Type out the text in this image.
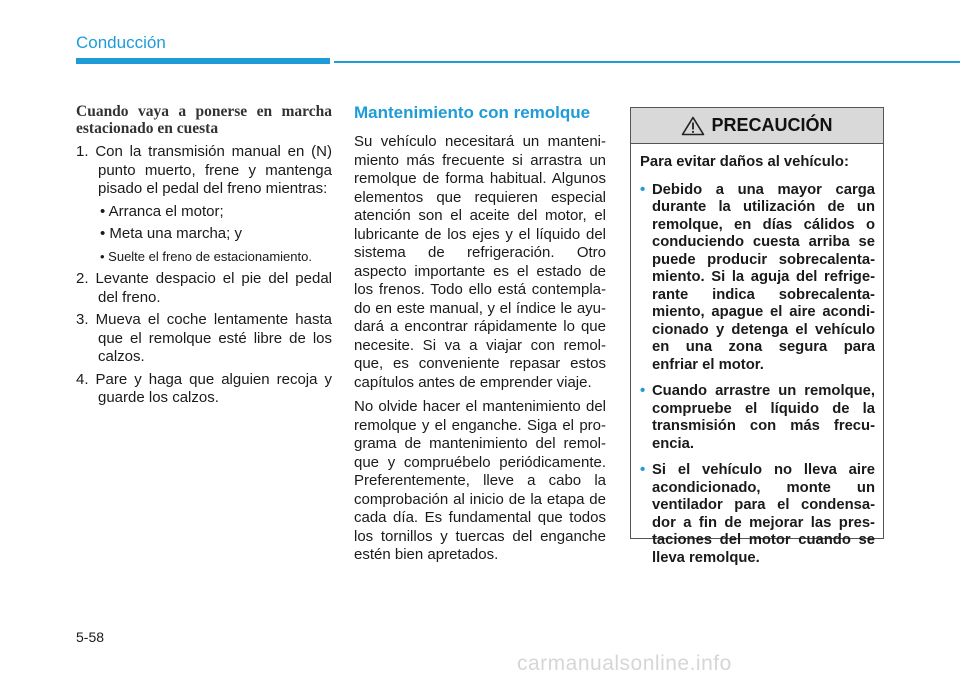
Conducción
Cuando vaya a ponerse en marcha estacionado en cuesta
1. Con la transmisión manual en (N) punto muerto, frene y mantenga pisado el pedal del freno mientras:
• Arranca el motor;
• Meta una marcha; y
• Suelte el freno de estacionamiento.
2. Levante despacio el pie del pedal del freno.
3. Mueva el coche lentamente hasta que el remolque esté libre de los calzos.
4. Pare y haga que alguien recoja y guarde los calzos.
Mantenimiento con remolque

Su vehículo necesitará un manteni-miento más frecuente si arrastra un remolque de forma habitual. Algunos elementos que requieren especial atención son el aceite del motor, el lubricante de los ejes y el líquido del sistema de refrigeración. Otro aspecto importante es el estado de los frenos. Todo ello está contempla-do en este manual, y el índice le ayu-dará a encontrar rápidamente lo que necesite. Si va a viajar con remol-que, es conveniente repasar estos capítulos antes de emprender viaje.

No olvide hacer el mantenimiento del remolque y el enganche. Siga el pro-grama de mantenimiento del remol-que y compruébelo periódicamente. Preferentemente, lleve a cabo la comprobación al inicio de la etapa de cada día. Es fundamental que todos los tornillos y tuercas del enganche estén bien apretados.

PRECAUCIÓN
Para evitar daños al vehículo:
• Debido a una mayor carga durante la utilización de un remolque, en días cálidos o conduciendo cuesta arriba se puede producir sobrecalenta-miento. Si la aguja del refrige-rante indica sobrecalenta-miento, apague el aire acondi-cionado y detenga el vehículo en una zona segura para enfriar el motor.
• Cuando arrastre un remolque, compruebe el líquido de la transmisión con más frecu-encia.
• Si el vehículo no lleva aire acondicionado, monte un ventilador para el condensa-dor a fin de mejorar las pres-taciones del motor cuando se lleva remolque.
5-58
carmanualsonline.info
